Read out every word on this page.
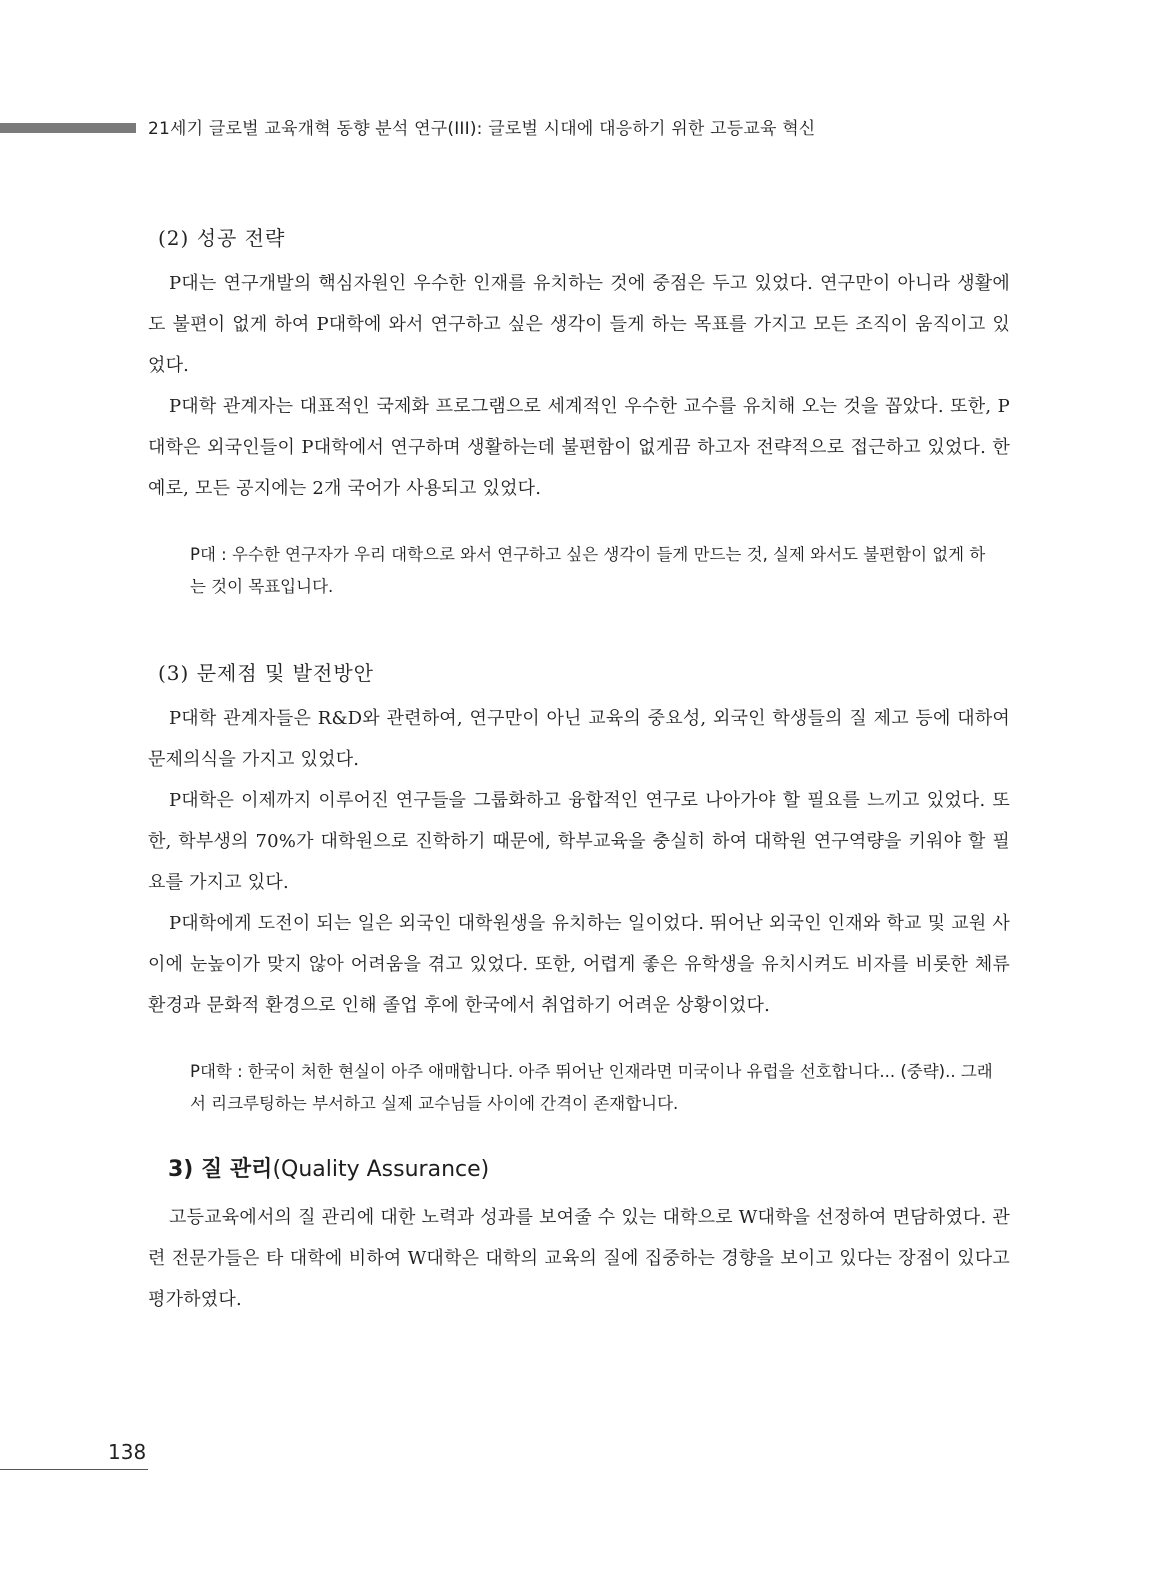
21세기 글로벌 교육개혁 동향 분석 연구(III): 글로벌 시대에 대응하기 위한 고등교육 혁신
(2) 성공 전략

P대는 연구개발의 핵심자원인 우수한 인재를 유치하는 것에 중점은 두고 있었다. 연구만이 아니라 생활에도 불편이 없게 하여 P대학에 와서 연구하고 싶은 생각이 들게 하는 목표를 가지고 모든 조직이 움직이고 있었다.

P대학 관계자는 대표적인 국제화 프로그램으로 세계적인 우수한 교수를 유치해 오는 것을 꼽았다. 또한, P대학은 외국인들이 P대학에서 연구하며 생활하는데 불편함이 없게끔 하고자 전략적으로 접근하고 있었다. 한 예로, 모든 공지에는 2개 국어가 사용되고 있었다.

P대 : 우수한 연구자가 우리 대학으로 와서 연구하고 싶은 생각이 들게 만드는 것, 실제 와서도 불편함이 없게 하는 것이 목표입니다.

(3) 문제점 및 발전방안

P대학 관계자들은 R&D와 관련하여, 연구만이 아닌 교육의 중요성, 외국인 학생들의 질 제고 등에 대하여 문제의식을 가지고 있었다.

P대학은 이제까지 이루어진 연구들을 그룹화하고 융합적인 연구로 나아가야 할 필요를 느끼고 있었다. 또한, 학부생의 70%가 대학원으로 진학하기 때문에, 학부교육을 충실히 하여 대학원 연구역량을 키워야 할 필요를 가지고 있다.

P대학에게 도전이 되는 일은 외국인 대학원생을 유치하는 일이었다. 뛰어난 외국인 인재와 학교 및 교원 사이에 눈높이가 맞지 않아 어려움을 겪고 있었다. 또한, 어렵게 좋은 유학생을 유치시켜도 비자를 비롯한 체류 환경과 문화적 환경으로 인해 졸업 후에 한국에서 취업하기 어려운 상황이었다.

P대학 : 한국이 처한 현실이 아주 애매합니다. 아주 뛰어난 인재라면 미국이나 유럽을 선호합니다... (중략).. 그래서 리크루팅하는 부서하고 실제 교수님들 사이에 간격이 존재합니다.

3) 질 관리(Quality Assurance)

고등교육에서의 질 관리에 대한 노력과 성과를 보여줄 수 있는 대학으로 W대학을 선정하여 면담하였다. 관련 전문가들은 타 대학에 비하여 W대학은 대학의 교육의 질에 집중하는 경향을 보이고 있다는 장점이 있다고 평가하였다.

138
